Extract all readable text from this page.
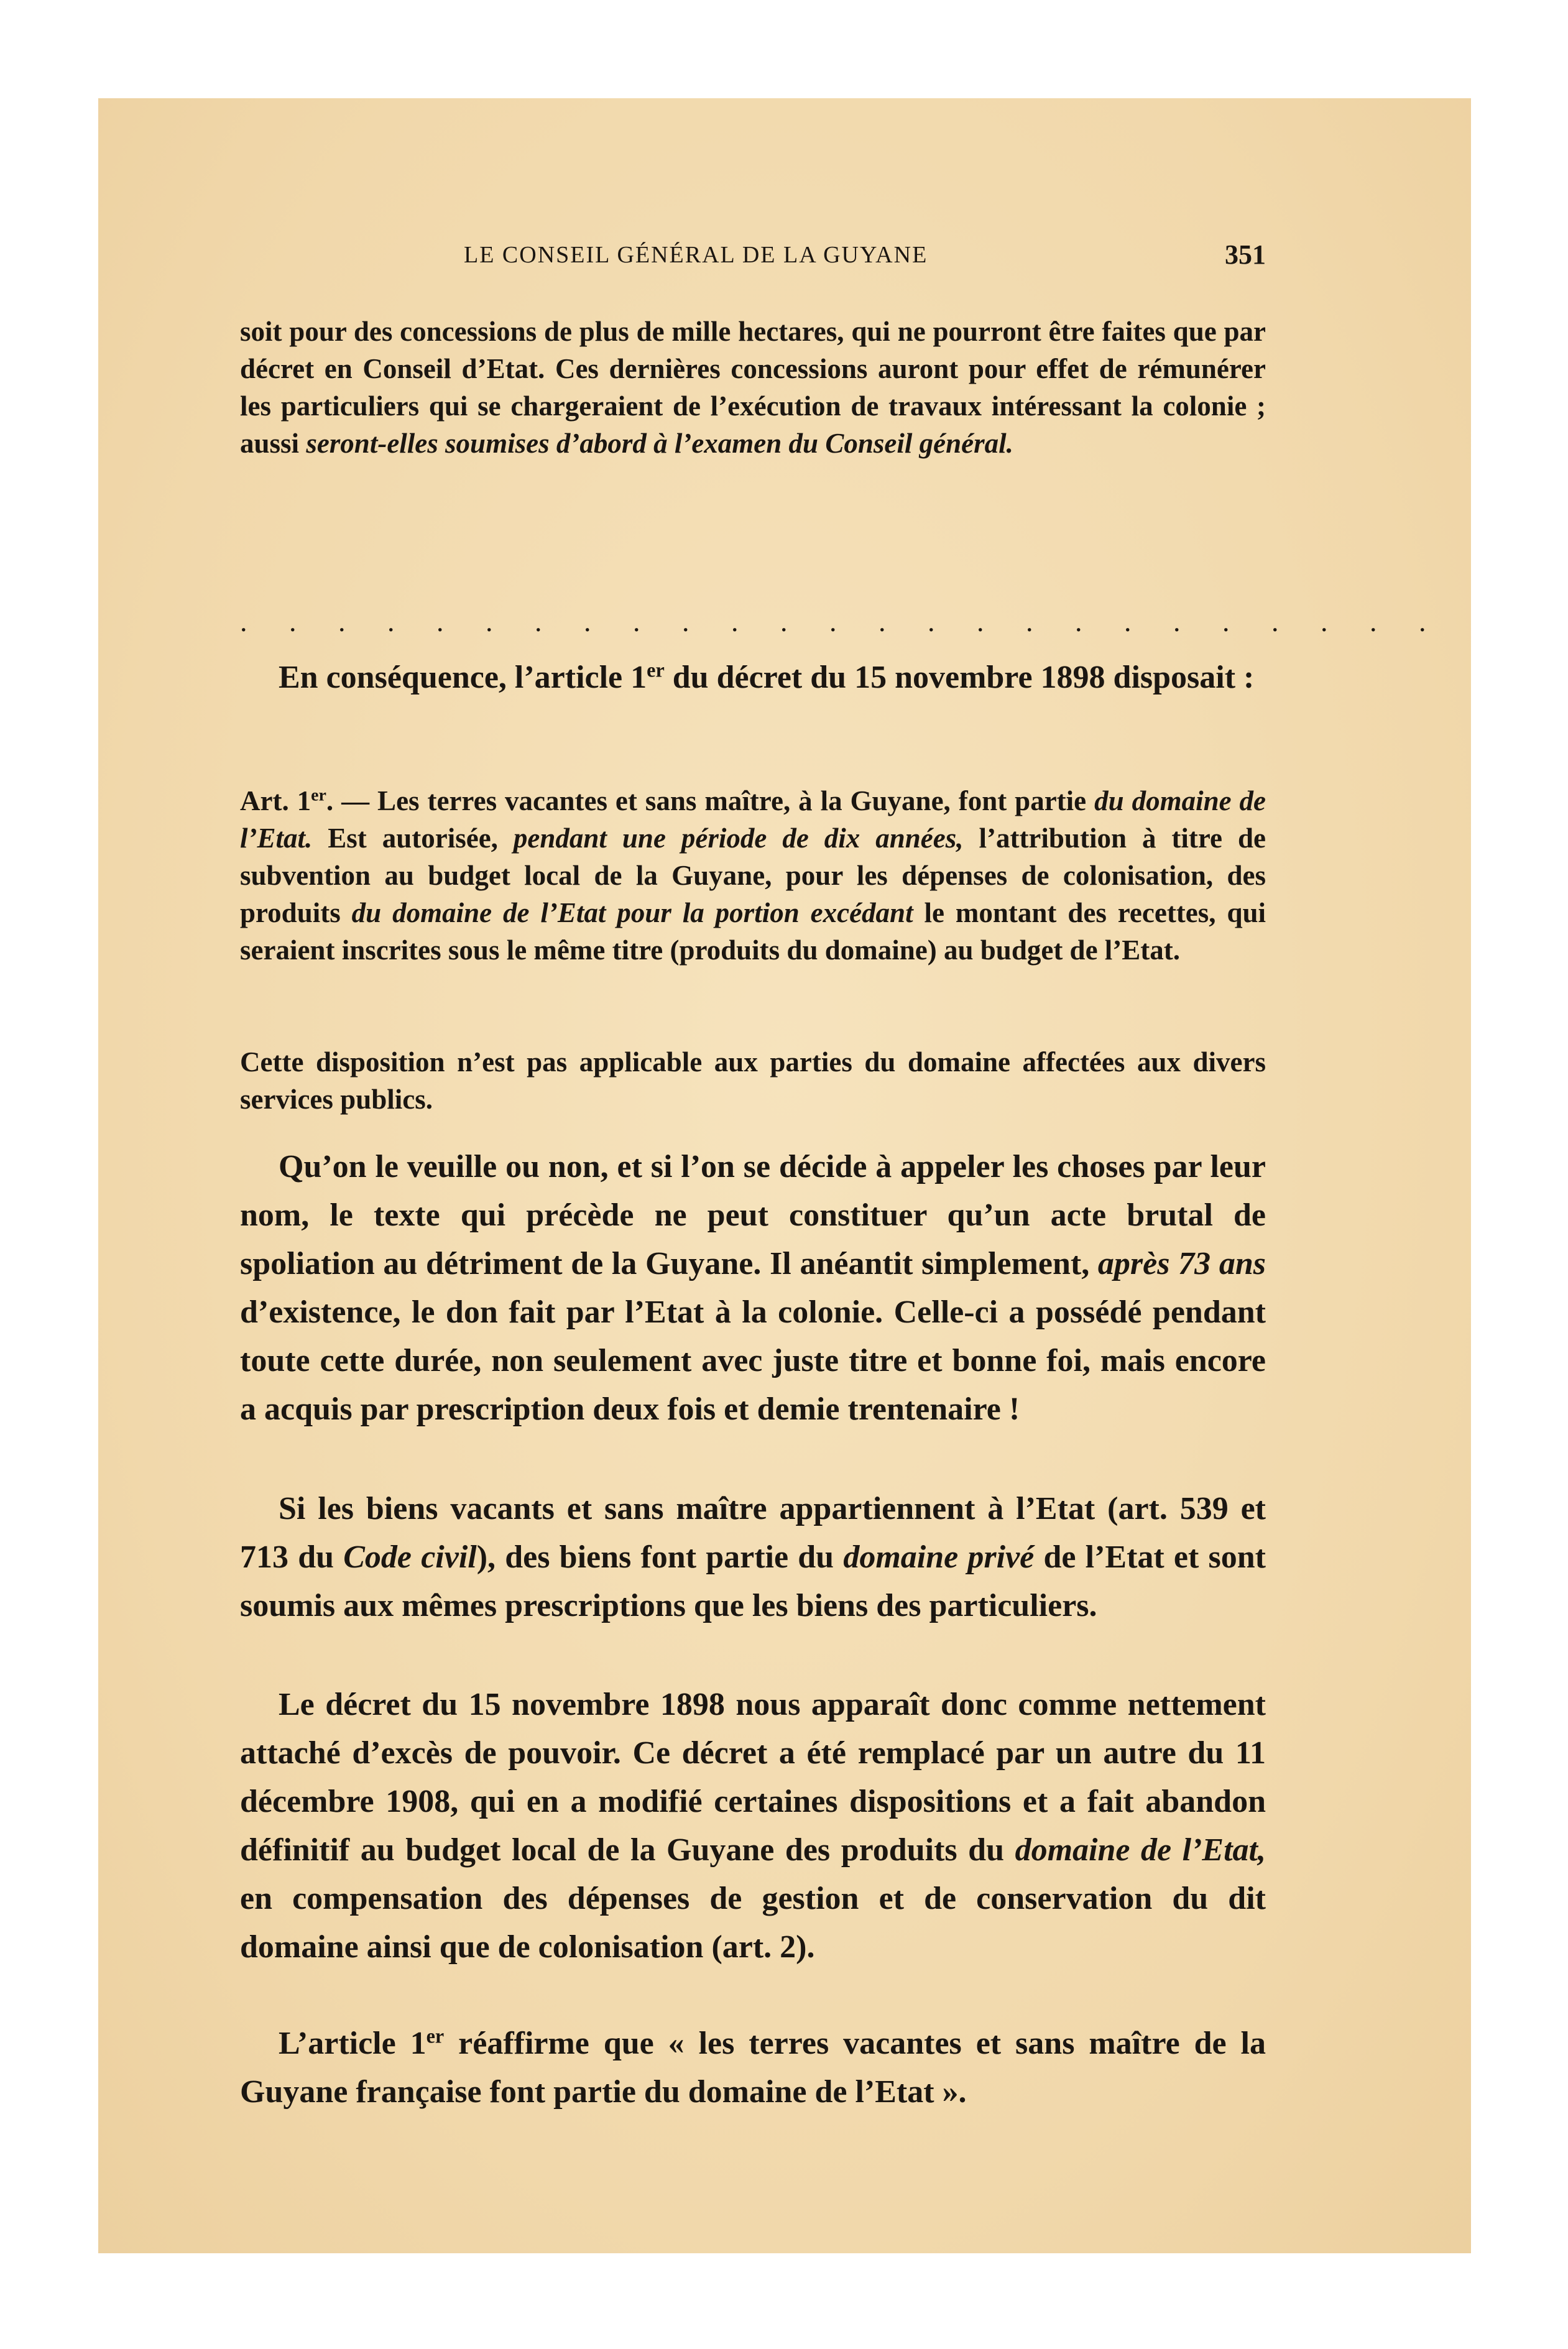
LE CONSEIL GÉNÉRAL DE LA GUYANE	351

soit pour des concessions de plus de mille hectares, qui ne pourront être faites que par décret en Conseil d’Etat. Ces dernières concessions auront pour effet de rémunérer les particuliers qui se chargeraient de l’exécution de travaux intéressant la colonie ; aussi seront-elles soumises d’abord à l’examen du Conseil général.

. . . . . . . . . . . . . . . . . . . . . . . . .

En conséquence, l’article 1er du décret du 15 novembre 1898 disposait :

Art. 1er. — Les terres vacantes et sans maître, à la Guyane, font partie du domaine de l’Etat. Est autorisée, pendant une période de dix années, l’attribution à titre de subvention au budget local de la Guyane, pour les dépenses de colonisation, des produits du domaine de l’Etat pour la portion excédant le montant des recettes, qui seraient inscrites sous le même titre (produits du domaine) au budget de l’Etat.

Cette disposition n’est pas applicable aux parties du domaine affectées aux divers services publics.

Qu’on le veuille ou non, et si l’on se décide à appeler les choses par leur nom, le texte qui précède ne peut constituer qu’un acte brutal de spoliation au détriment de la Guyane. Il anéantit simplement, après 73 ans d’existence, le don fait par l’Etat à la colonie. Celle-ci a possédé pendant toute cette durée, non seulement avec juste titre et bonne foi, mais encore a acquis par prescription deux fois et demie trentenaire !

Si les biens vacants et sans maître appartiennent à l’Etat (art. 539 et 713 du Code civil), des biens font partie du domaine privé de l’Etat et sont soumis aux mêmes prescriptions que les biens des particuliers.

Le décret du 15 novembre 1898 nous apparaît donc comme nettement attaché d’excès de pouvoir. Ce décret a été remplacé par un autre du 11 décembre 1908, qui en a modifié certaines dispositions et a fait abandon définitif au budget local de la Guyane des produits du domaine de l’Etat, en compensation des dépenses de gestion et de conservation du dit domaine ainsi que de colonisation (art. 2).

L’article 1er réaffirme que « les terres vacantes et sans maître de la Guyane française font partie du domaine de l’Etat ».
